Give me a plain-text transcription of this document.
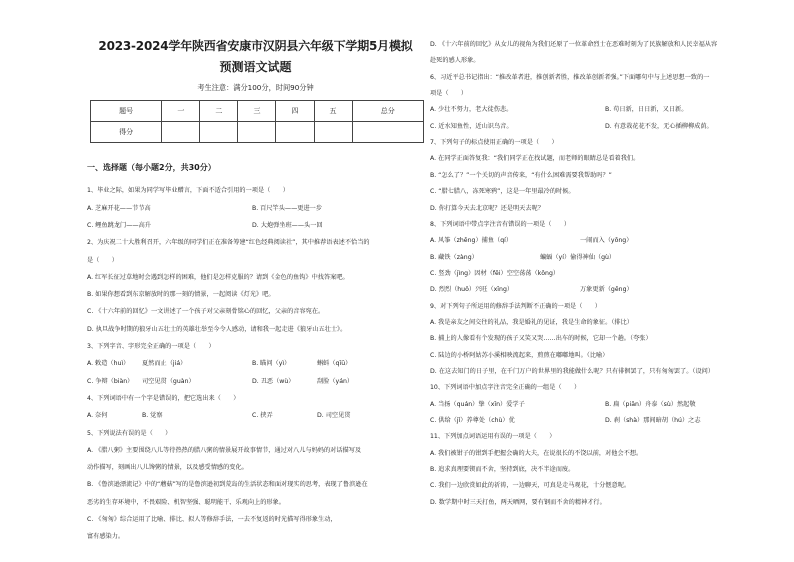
2023-2024学年陕西省安康市汉阴县六年级下学期5月模拟
预测语文试题
考生注意：满分100分，时间90分钟
题号	一	二	三	四	五	总分
得分						
一、选择题（每小题2分，共30分）
1、毕业之际，如果为同学写毕业赠言，下面不适合引用的一项是（　　）
A. 芝麻开花——节节高	B. 百尺竿头——更进一步
C. 鲤鱼跳龙门——高升	D. 大炮弹坐班——头一回
2、为庆祝二十大胜利召开，六年级的同学们正在准备筹建“红色经典阅读社”，其中推荐语表述不恰当的
是（　　）
A. 红军长征过草地时会遇到怎样的困难，他们是怎样克服的？请到《金色的鱼钩》中找答案吧。
B. 如果你想看到东京解放时的那一刻的情景，一起阅读《灯光》吧。
C. 《十六年前的回忆》一文讲述了一个孩子对父亲刻骨铭心的回忆，父亲的音容宛在。
D. 执旦战争时期的狼牙山五壮士的英雄壮举至今令人感动，请和我一起走进《狼牙山五壮士》。
3、下列字音、字形完全正确的一项是（　　）
A. 敕造（huì） 夏然而止（jiá）	B. 瞄问（yì）	蝌蚪（qīū）
C. 争辩（biàn） 司空见贯（guàn）	D. 丑恶（wù）	刮脸（yán）
4、下列词语中有一个字是错误的，把它选出来（　　）
A. 奈何	B. 觉察	C. 挟弄	D. 司空见贯
5、下列说法有误的是（　　）
A. 《腊八粥》主要围绕八儿等待热热的腊八粥的情景展开故事情节，通过对八儿与妈妈的对话描写及
动作描写，刻画出八儿馋粥的情景，以及感受情感的变化。
B. 《鲁滨逊漂流记》中的“蘑菇”写的是鲁滨逊初到荒岛的生活状态和面对现实的思考，表现了鲁滨逊在
恶劣的生存环境中，不畏艰险、机智坚强、聪明能干、乐观向上的形象。
C. 《匆匆》综合运用了比喻、排比、拟人等修辞手法，一去不复返的时光描写得形象生动，
富有感染力。
D. 《十六年前的回忆》从女儿的视角为我们还原了一位革命烈士在恶难时刻为了民族解放和人民幸福从容
赴死的感人形象。
6、习近平总书记指出：“推改革者进，推创新者胜，推改革创新者强。”下面哪句中与上述思想一致的一
项是（　　）
A. 少壮不努力，老大徒伤悲。	B. 苟日新，日日新，又日新。
C. 近水知鱼性，近山识鸟音。	D. 有意栽花花不发，无心插柳柳成荫。
7、下列句子的标点使用正确的一项是（　　）
A. 在同学正面答复我：“我们同学正在找试题，而老师的眼睛总是看着我们。
B. “怎么了？”一个关切的声音传来，“有什么困难需要我帮助吗？”
C. “腊七腊八，冻死寒鸦”，这是一年里最冷的时候。
D. 你打算今天去北京呢？还是明天去呢？
8、下列词语中带点字注音有错误的一项是（　　）
A. 风筝（zhēng）捕鱼（qí）	一闹而入（yōng）
B. 藏铁（zàng）	蝙蝠（yí）偷得神仙（gù）
C. 竖劲（jìng）因材（fēi）空空荡荡（kōng）
D. 烈烈（huǒ）兴旺（xīng）	万象更新（gēng）
9、对下列句子所运用的修辞手法判断不正确的一项是（　　）
A. 我是亲友之间交往的礼品，我是婚礼的见证，我是生命的象征。（排比）
B. 捕上的人像看有个发现的孩子又笑又哭……出车的时候，它却一个趟。（夸张）
C. 陆边的小桥阿姑苏小溪相映流起来，煎煎在嘟嘟地叫。（比喻）
D. 在这去知门的日子里，在千门万户的世界里的我能做什么呢？只有徘徊罢了，只有匆匆罢了。（设问）
10、下列词语中加点字注音完全正确的一组是（　　）
A. 当扬（quán）挚（xīn）爱学子	B. 扁（piān）舟泰（sù）然起敬
C. 供给（jǐ）养尊处（chù）优	D. 刹（shà）那间暗胡（hú）之志
11、下列加点词语运用有误的一项是（　　）
A. 我们被钳子的钳到手把握会确的大夫，在说很长的不饶以前，对他会不想。
B. 追求真理要锲而不舍，坚持到底，决不半途而废。
C. 我们一边欣赏如此的祈祷，一边聊天，可真是走马观花，十分惬意呢。
D. 数学期中时三天打鱼，两天晒网，要有钢而不舍的精神才行。
